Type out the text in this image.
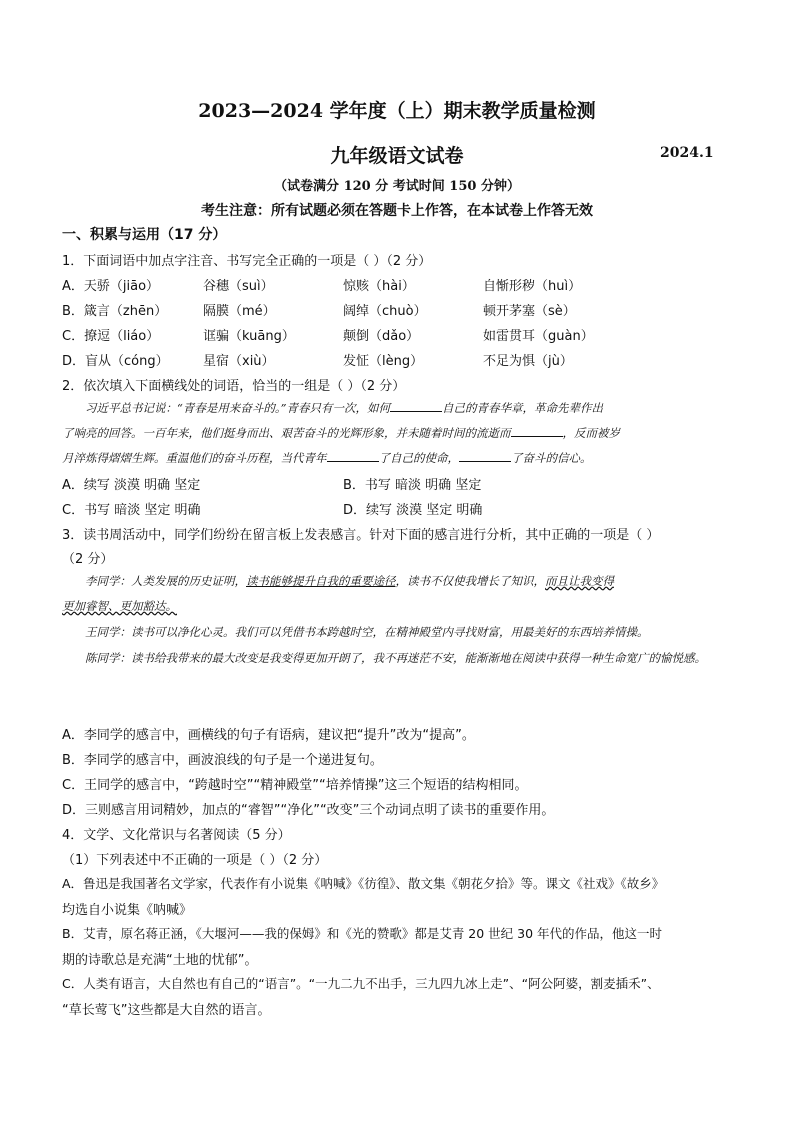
2023—2024 学年度（上）期末教学质量检测
九年级语文试卷	2024.1
（试卷满分 120 分 考试时间 150 分钟）
考生注意：所有试题必须在答题卡上作答，在本试卷上作答无效
一、积累与运用（17 分）
1．下面词语中加点字注音、书写完全正确的一项是（ ）（2 分）
A．天骄（jiāo）	谷穗（suì）	惊赅（hài）	自惭形秽（huì）
B．箴言（zhēn）	隔膜（mé）	阔绰（chuò）	顿开茅塞（sè）
C．撩逗（liáo）	诓骗（kuāng）	颠倒（dǎo）	如雷贯耳（guàn）
D．盲从（cóng）	星宿（xiù）	发怔（lèng）	不足为惧（jù）
2．依次填入下面横线处的词语，恰当的一组是（ ）（2 分）
习近平总书记说：“青春是用来奋斗的。”青春只有一次，如何	自己的青春华章，革命先辈作出
了响亮的回答。一百年来，他们挺身而出、艰苦奋斗的光辉形象，并未随着时间的流逝而	，反而被岁
月淬炼得熠熠生辉。重温他们的奋斗历程，当代青年	了自己的使命，	了奋斗的信心。
A．续写 淡漠 明确 坚定	B．书写 暗淡 明确 坚定
C．书写 暗淡 坚定 明确	D．续写 淡漠 坚定 明确
3．读书周活动中，同学们纷纷在留言板上发表感言。针对下面的感言进行分析，其中正确的一项是（ ）
（2 分）
李同学：人类发展的历史证明，读书能够提升自我的重要途径，读书不仅使我增长了知识，而且让我变得
更加睿智、更加豁达。
王同学：读书可以净化心灵。我们可以凭借书本跨越时空，在精神殿堂内寻找财富，用最美好的东西培养情操。
陈同学：读书给我带来的最大改变是我变得更加开朗了，我不再迷茫不安，能渐渐地在阅读中获得一种生命宽广的愉悦感。
A．李同学的感言中，画横线的句子有语病，建议把“提升”改为“提高”。
B．李同学的感言中，画波浪线的句子是一个递进复句。
C．王同学的感言中，“跨越时空”“精神殿堂”“培养情操”这三个短语的结构相同。
D．三则感言用词精妙，加点的“睿智”“净化”“改变”三个动词点明了读书的重要作用。
4．文学、文化常识与名著阅读（5 分）
（1）下列表述中不正确的一项是（ ）（2 分）
A．鲁迅是我国著名文学家，代表作有小说集《呐喊》《彷徨》、散文集《朝花夕拾》等。课文《社戏》《故乡》
均选自小说集《呐喊》
B．艾青，原名蒋正涵，《大堰河——我的保姆》和《光的赞歌》都是艾青 20 世纪 30 年代的作品，他这一时
期的诗歌总是充满“土地的忧郁”。
C．人类有语言，大自然也有自己的“语言”。“一九二九不出手，三九四九冰上走”、“阿公阿婆，割麦插禾”、
“草长莺飞”这些都是大自然的语言。
